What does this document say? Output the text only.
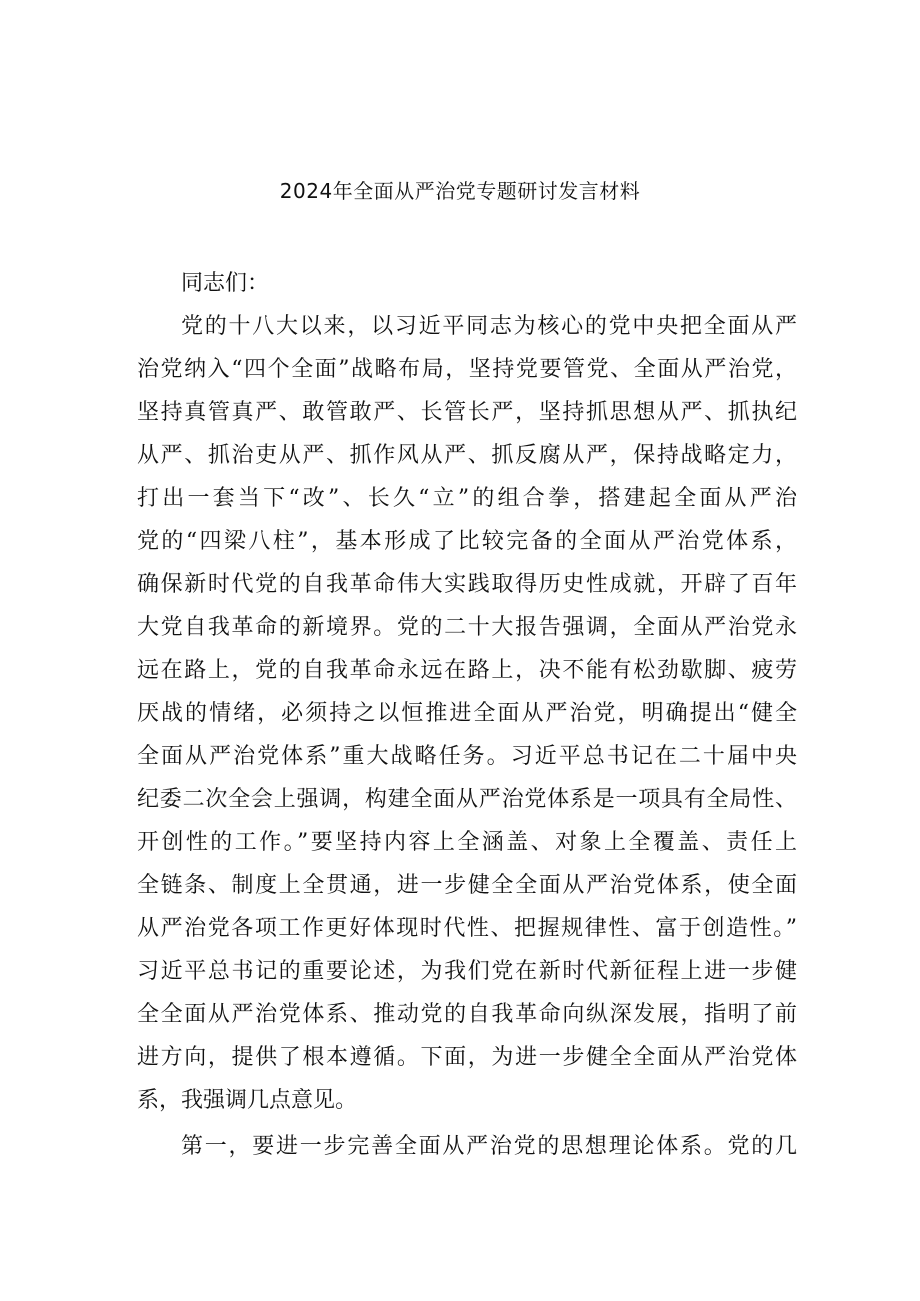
2024年全面从严治党专题研讨发言材料
同志们：
党的十八大以来，以习近平同志为核心的党中央把全面从严
治党纳入“四个全面”战略布局，坚持党要管党、全面从严治党，
坚持真管真严、敢管敢严、长管长严，坚持抓思想从严、抓执纪
从严、抓治吏从严、抓作风从严、抓反腐从严，保持战略定力，
打出一套当下“改”、长久“立”的组合拳，搭建起全面从严治
党的“四梁八柱”，基本形成了比较完备的全面从严治党体系，
确保新时代党的自我革命伟大实践取得历史性成就，开辟了百年
大党自我革命的新境界。党的二十大报告强调，全面从严治党永
远在路上，党的自我革命永远在路上，决不能有松劲歇脚、疲劳
厌战的情绪，必须持之以恒推进全面从严治党，明确提出“健全
全面从严治党体系”重大战略任务。习近平总书记在二十届中央
纪委二次全会上强调，构建全面从严治党体系是一项具有全局性、
开创性的工作。”要坚持内容上全涵盖、对象上全覆盖、责任上
全链条、制度上全贯通，进一步健全全面从严治党体系，使全面
从严治党各项工作更好体现时代性、把握规律性、富于创造性。”
习近平总书记的重要论述，为我们党在新时代新征程上进一步健
全全面从严治党体系、推动党的自我革命向纵深发展，指明了前
进方向，提供了根本遵循。下面，为进一步健全全面从严治党体
系，我强调几点意见。
第一，要进一步完善全面从严治党的思想理论体系。党的几
